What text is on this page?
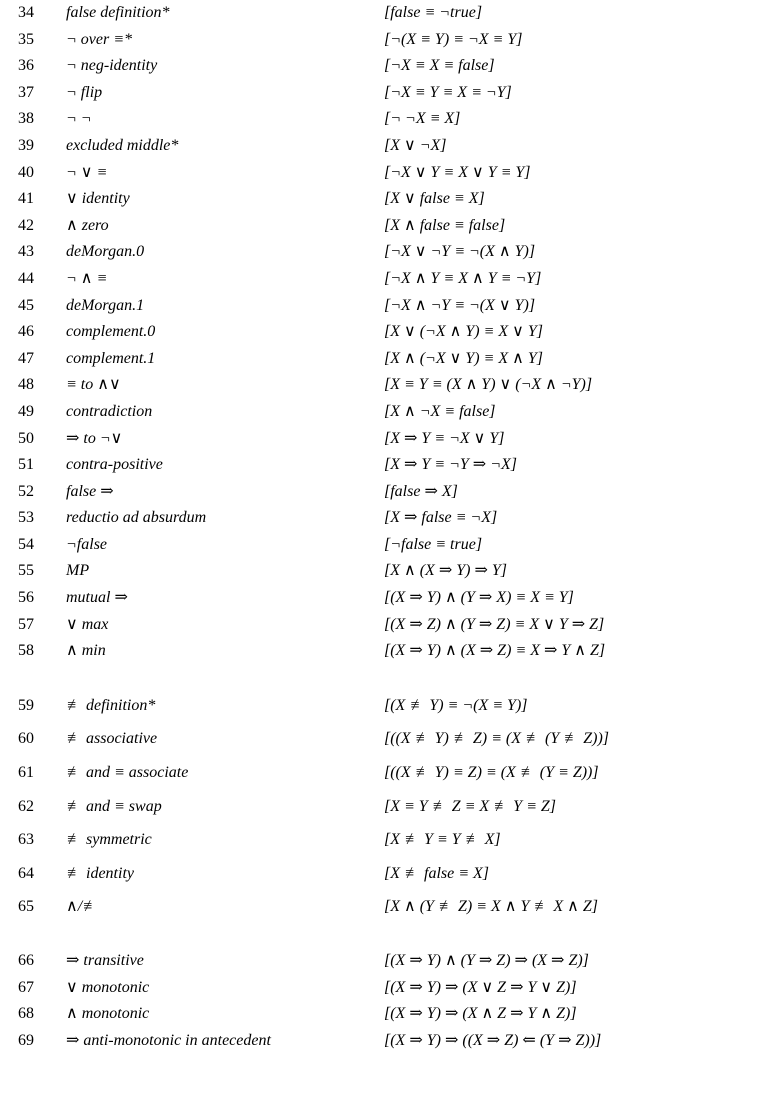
34	false definition*	[false ≡ ¬true]
35	¬ over ≡*	[¬(X ≡ Y) ≡ ¬X ≡ Y]
36	¬ neg-identity	[¬X ≡ X ≡ false]
37	¬ flip	[¬X ≡ Y ≡ X ≡ ¬Y]
38	¬ ¬	[¬ ¬X ≡ X]
39	excluded middle*	[X ∨ ¬X]
40	¬ ∨ ≡	[¬X ∨ Y ≡ X ∨ Y ≡ Y]
41	∨ identity	[X ∨ false ≡ X]
42	∧ zero	[X ∧ false ≡ false]
43	deMorgan.0	[¬X ∨ ¬Y ≡ ¬(X ∧ Y)]
44	¬ ∧ ≡	[¬X ∧ Y ≡ X ∧ Y ≡ ¬Y]
45	deMorgan.1	[¬X ∧ ¬Y ≡ ¬(X ∨ Y)]
46	complement.0	[X ∨ (¬X ∧ Y) ≡ X ∨ Y]
47	complement.1	[X ∧ (¬X ∨ Y) ≡ X ∧ Y]
48	≡ to ∧∨	[X ≡ Y ≡ (X ∧ Y) ∨ (¬X ∧ ¬Y)]
49	contradiction	[X ∧ ¬X ≡ false]
50	⇒ to ¬∨	[X ⇒ Y ≡ ¬X ∨ Y]
51	contra-positive	[X ⇒ Y ≡ ¬Y ⇒ ¬X]
52	false ⇒	[false ⇒ X]
53	reductio ad absurdum	[X ⇒ false ≡ ¬X]
54	¬false	[¬false ≡ true]
55	MP	[X ∧ (X ⇒ Y) ⇒ Y]
56	mutual ⇒	[(X ⇒ Y) ∧ (Y ⇒ X) ≡ X ≡ Y]
57	∨ max	[(X ⇒ Z) ∧ (Y ⇒ Z) ≡ X ∨ Y ⇒ Z]
58	∧ min	[(X ⇒ Y) ∧ (X ⇒ Z) ≡ X ⇒ Y ∧ Z]
59	≢ definition*	[(X ≢ Y) ≡ ¬(X ≡ Y)]
60	≢ associative	[((X ≢ Y) ≢ Z) ≡ (X ≢ (Y ≢ Z))]
61	≢ and ≡ associate	[((X ≢ Y) ≡ Z) ≡ (X ≢ (Y ≡ Z))]
62	≢ and ≡ swap	[X ≡ Y ≢ Z ≡ X ≢ Y ≡ Z]
63	≢ symmetric	[X ≢ Y ≡ Y ≢ X]
64	≢ identity	[X ≢ false ≡ X]
65	∧/≢	[X ∧ (Y ≢ Z) ≡ X ∧ Y ≢ X ∧ Z]
66	⇒ transitive	[(X ⇒ Y) ∧ (Y ⇒ Z) ⇒ (X ⇒ Z)]
67	∨ monotonic	[(X ⇒ Y) ⇒ (X ∨ Z ⇒ Y ∨ Z)]
68	∧ monotonic	[(X ⇒ Y) ⇒ (X ∧ Z ⇒ Y ∧ Z)]
69	⇒ anti-monotonic in antecedent	[(X ⇒ Y) ⇒ ((X ⇒ Z) ⇐ (Y ⇒ Z))]
